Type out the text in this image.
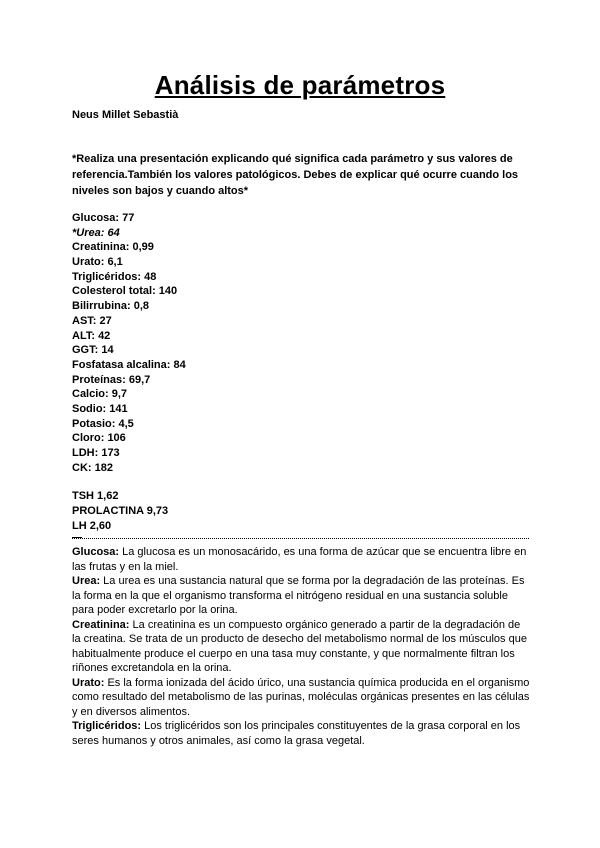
Análisis de parámetros
Neus Millet Sebastià
*Realiza una presentación explicando qué significa cada parámetro y sus valores de referencia.También los valores patológicos. Debes de explicar qué ocurre cuando los niveles son bajos y cuando altos*
Glucosa: 77
*Urea: 64
Creatinina: 0,99
Urato: 6,1
Triglicéridos: 48
Colesterol total: 140
Bilirrubina: 0,8
AST: 27
ALT: 42
GGT: 14
Fosfatasa alcalina: 84
Proteínas: 69,7
Calcio: 9,7
Sodio: 141
Potasio: 4,5
Cloro: 106
LDH: 173
CK: 182
TSH 1,62
PROLACTINA 9,73
LH 2,60

Glucosa: La glucosa es un monosacárido, es una forma de azúcar que se encuentra libre en las frutas y en la miel.

Urea: La urea es una sustancia natural que se forma por la degradación de las proteínas. Es la forma en la que el organismo transforma el nitrógeno residual en una sustancia soluble para poder excretarlo por la orina.

Creatinina: La creatinina es un compuesto orgánico generado a partir de la degradación de la creatina. Se trata de un producto de desecho del metabolismo normal de los músculos que habitualmente produce el cuerpo en una tasa muy constante, y que normalmente filtran los riñones excretandola en la orina.

Urato: Es la forma ionizada del ácido úrico, una sustancia química producida en el organismo como resultado del metabolismo de las purinas, moléculas orgánicas presentes en las células y en diversos alimentos.

Triglicéridos: Los triglicéridos son los principales constituyentes de la grasa corporal en los seres humanos y otros animales, así como la grasa vegetal.
